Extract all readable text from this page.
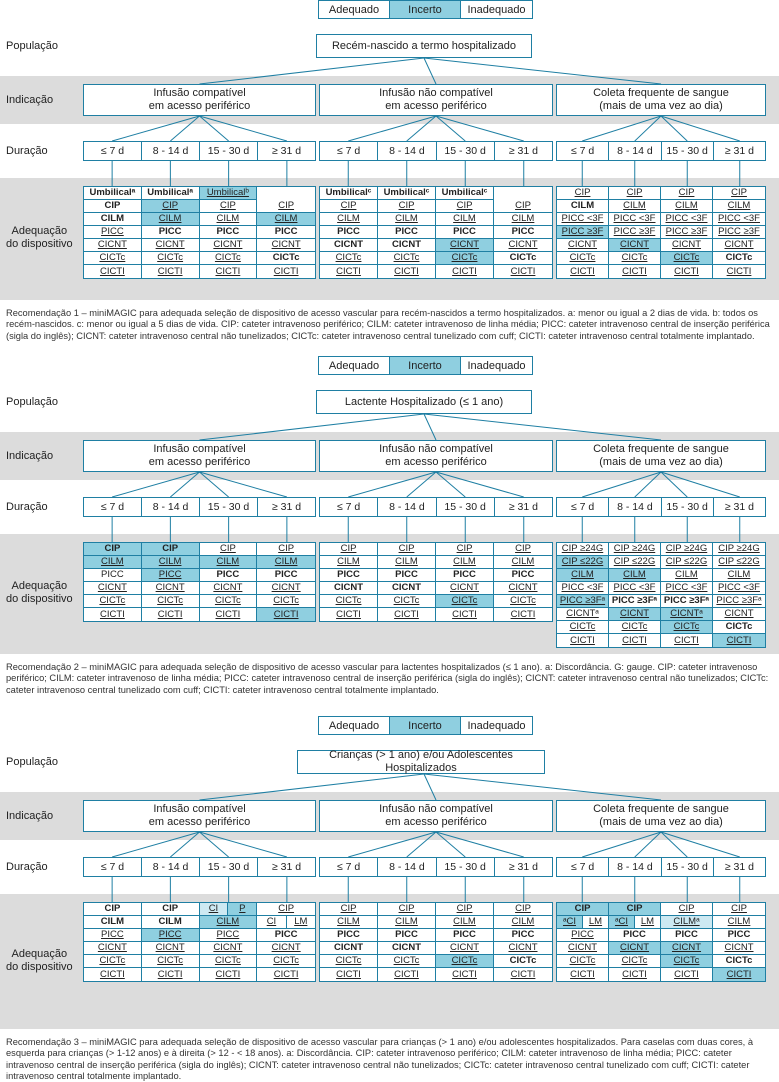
Adequado	Incerto	Inadequado
População
Indicação
Duração
Adequação
do dispositivo
Recém-nascido a termo hospitalizado
Infusão compatível
em acesso periférico
≤ 7 d	8 - 14 d	15 - 30 d	≥ 31 d
Umbilicalᵃ Umbilicalᵃ Umbilicalᵇ
CIP	CIP	CIP	CIP
CILM	CILM	CILM	CILM
PICC	PICC	PICC	PICC
CICNT	CICNT	CICNT	CICNT
CICTc	CICTc	CICTc	CICTc
CICTI	CICTI	CICTI	CICTI
Infusão não compatível
em acesso periférico
≤ 7 d	8 - 14 d	15 - 30 d	≥ 31 d
Umbilicalᶜ Umbilicalᶜ Umbilicalᶜ
CIP	CIP	CIP	CIP
CILM	CILM	CILM	CILM
PICC	PICC	PICC	PICC
CICNT	CICNT	CICNT	CICNT
CICTc	CICTc	CICTc	CICTc
CICTI	CICTI	CICTI	CICTI
Coleta frequente de sangue
(mais de uma vez ao dia)
≤ 7 d	8 - 14 d	15 - 30 d	≥ 31 d
CIP	CIP	CIP	CIP
CILM	CILM	CILM	CILM
PICC <3F PICC <3F PICC <3F PICC <3F
PICC ≥3F PICC ≥3F PICC ≥3F PICC ≥3F
CICNT CICNT CICNT CICNT
CICTc	CICTc	CICTc	CICTc
CICTI	CICTI	CICTI	CICTI
Recomendação 1 – miniMAGIC para adequada seleção de dispositivo de acesso vascular para recém-nascidos a termo hospitalizados. a: menor ou igual a 2 dias de vida. b: todos os recém-nascidos. c: menor ou igual a 5 dias de vida. CIP: cateter intravenoso periférico; CILM: cateter intravenoso de linha média; PICC: cateter intravenoso central de inserção periférica (sigla do inglês); CICNT: cateter intravenoso central não tunelizados; CICTc: cateter intravenoso central tunelizado com cuff; CICTI: cateter intravenoso central totalmente implantado.
Adequado	Incerto	Inadequado
População
Indicação
Duração
Adequação
do dispositivo
Lactente Hospitalizado (≤ 1 ano)
Infusão compatível
em acesso periférico
≤ 7 d	8 - 14 d	15 - 30 d	≥ 31 d
CIP	CIP	CIP	CIP
CILM	CILM	CILM	CILM
PICC	PICC	PICC	PICC
CICNT	CICNT	CICNT	CICNT
CICTc	CICTc	CICTc	CICTc
CICTI	CICTI	CICTI	CICTI
Infusão não compatível
em acesso periférico
≤ 7 d	8 - 14 d	15 - 30 d	≥ 31 d
CIP	CIP	CIP	CIP
CILM	CILM	CILM	CILM
PICC	PICC	PICC	PICC
CICNT	CICNT	CICNT	CICNT
CICTc	CICTc	CICTc	CICTc
CICTI	CICTI	CICTI	CICTI
Coleta frequente de sangue
(mais de uma vez ao dia)
≤ 7 d	8 - 14 d	15 - 30 d	≥ 31 d
CIP ≥24G CIP ≥24G CIP ≥24G CIP ≥24G
CIP ≤22G CIP ≤22G CIP ≤22G CIP ≤22G
CILM	CILM	CILM	CILM
PICC <3F PICC <3F PICC <3F PICC <3F
PICC ≥3Fᵃ PICC ≥3Fᵃ PICC ≥3Fᵃ PICC ≥3Fᵃ
CICNTᵃ CICNT CICNTᵃ CICNT
CICTc	CICTc	CICTc	CICTc
CICTI	CICTI	CICTI	CICTI
Recomendação 2 – miniMAGIC para adequada seleção de dispositivo de acesso vascular para lactentes hospitalizados (≤ 1 ano). a: Discordância. G: gauge. CIP: cateter intravenoso periférico; CILM: cateter intravenoso de linha média; PICC: cateter intravenoso central de inserção periférica (sigla do inglês); CICNT: cateter intravenoso central não tunelizados; CICTc: cateter intravenoso central tunelizado com cuff; CICTI: cateter intravenoso central totalmente implantado.
Adequado	Incerto	Inadequado
População
Indicação
Duração
Adequação
do dispositivo
Crianças (> 1 ano) e/ou Adolescentes Hospitalizados
Infusão compatível
em acesso periférico
≤ 7 d	8 - 14 d	15 - 30 d	≥ 31 d
CIP	CIP	CI	P	CIP
CILM	CILM	CILM	CI	LM
PICC	PICC	PICC	PICC
CICNT	CICNT	CICNT	CICNT
CICTc	CICTc	CICTc	CICTc
CICTI	CICTI	CICTI	CICTI
Infusão não compatível
em acesso periférico
≤ 7 d	8 - 14 d	15 - 30 d	≥ 31 d
CIP	CIP	CIP	CIP
CILM	CILM	CILM	CILM
PICC	PICC	PICC	PICC
CICNT	CICNT	CICNT	CICNT
CICTc	CICTc	CICTc	CICTc
CICTI	CICTI	CICTI	CICTI
Coleta frequente de sangue
(mais de uma vez ao dia)
≤ 7 d	8 - 14 d	15 - 30 d	≥ 31 d
CIP	CIP	CIP	CIP
ᵃCI	LM	ᵃCI	LM	CILMᵃ	CILM
PICC	PICC	PICC	PICC
CICNT CICNT CICNT CICNT
CICTc	CICTc	CICTc	CICTc
CICTI	CICTI	CICTI	CICTI
Recomendação 3 – miniMAGIC para adequada seleção de dispositivo de acesso vascular para crianças (> 1 ano) e/ou adolescentes hospitalizados. Para caselas com duas cores, à esquerda para crianças (> 1-12 anos) e à direita (> 12 - < 18 anos). a: Discordância. CIP: cateter intravenoso periférico; CILM: cateter intravenoso de linha média; PICC: cateter intravenoso central de inserção periférica (sigla do inglês); CICNT: cateter intravenoso central não tunelizados; CICTc: cateter intravenoso central tunelizado com cuff; CICTI: cateter intravenoso central totalmente implantado.
